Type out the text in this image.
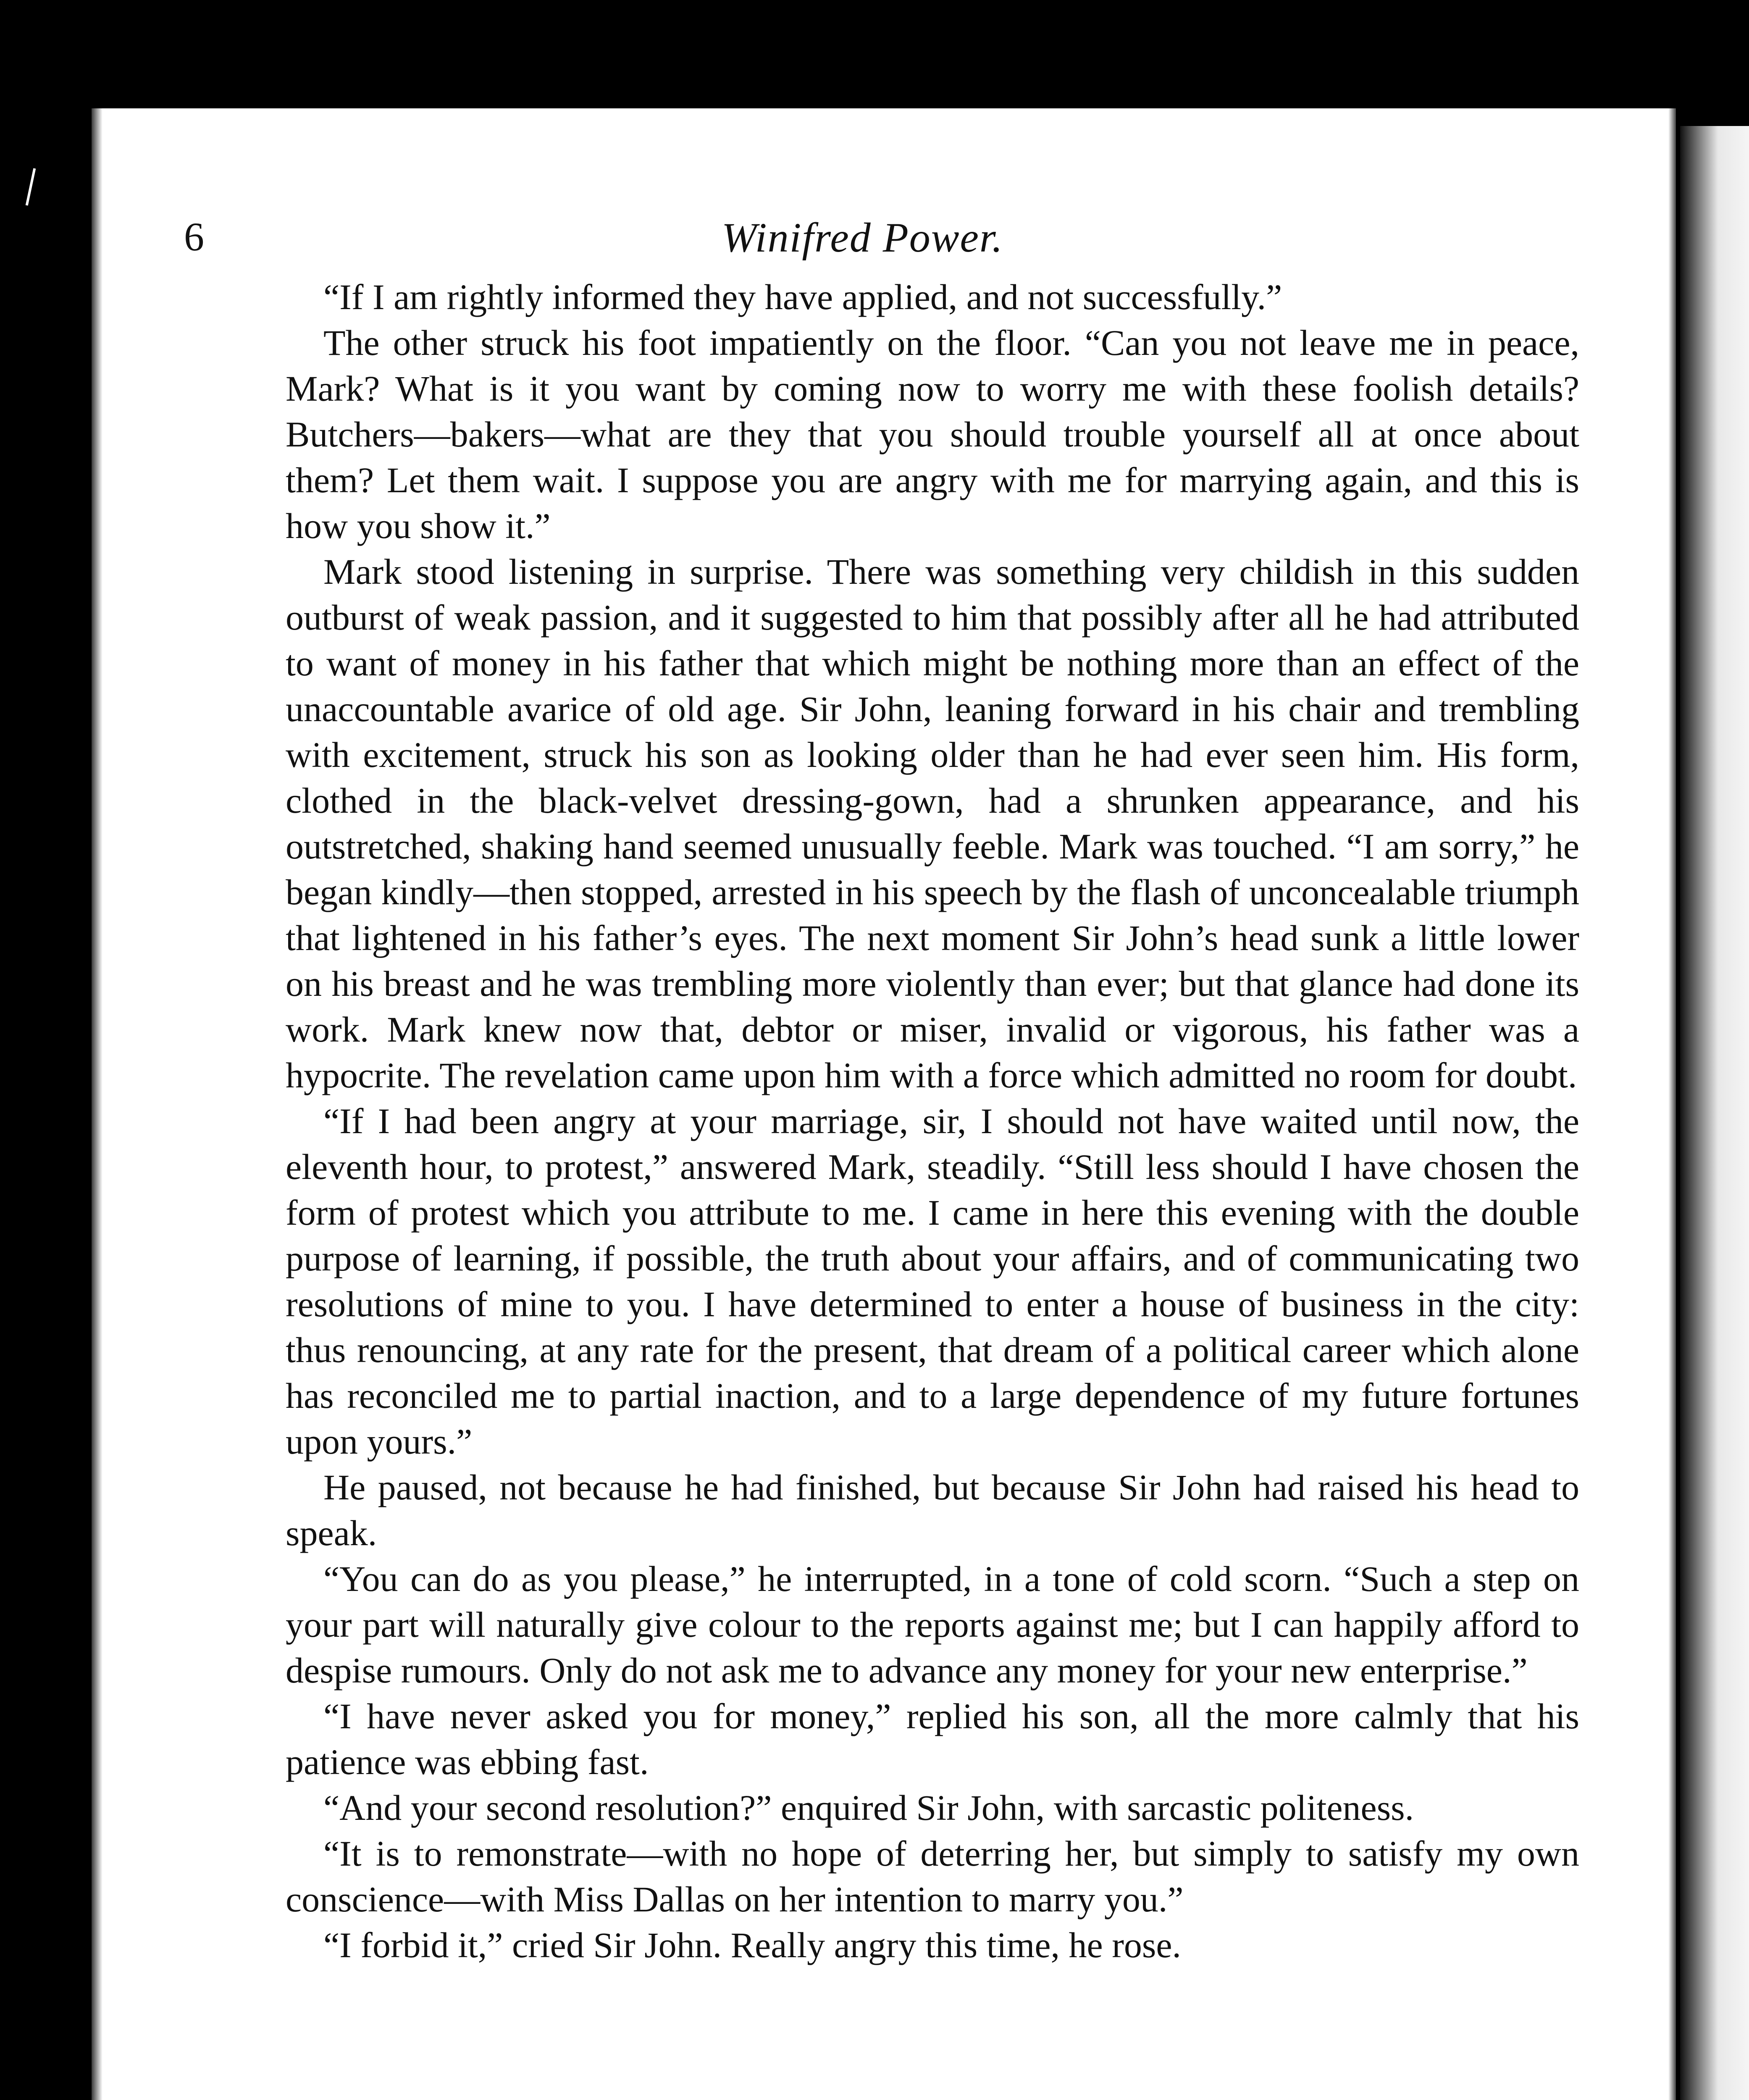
6	Winifred Power.

“If I am rightly informed they have applied, and not successfully.”

The other struck his foot impatiently on the floor. “Can you not leave me in peace, Mark? What is it you want by coming now to worry me with these foolish details? Butchers—bakers—what are they that you should trouble yourself all at once about them? Let them wait. I suppose you are angry with me for marrying again, and this is how you show it.”

Mark stood listening in surprise. There was something very childish in this sudden outburst of weak passion, and it suggested to him that possibly after all he had attributed to want of money in his father that which might be nothing more than an effect of the unaccountable avarice of old age. Sir John, leaning forward in his chair and trembling with excitement, struck his son as looking older than he had ever seen him. His form, clothed in the black-velvet dressing-gown, had a shrunken appearance, and his outstretched, shaking hand seemed unusually feeble. Mark was touched. “I am sorry,” he began kindly—then stopped, arrested in his speech by the flash of unconcealable triumph that lightened in his father’s eyes. The next moment Sir John’s head sunk a little lower on his breast and he was trembling more violently than ever; but that glance had done its work. Mark knew now that, debtor or miser, invalid or vigorous, his father was a hypocrite. The revelation came upon him with a force which admitted no room for doubt.

“If I had been angry at your marriage, sir, I should not have waited until now, the eleventh hour, to protest,” answered Mark, steadily. “Still less should I have chosen the form of protest which you attribute to me. I came in here this evening with the double purpose of learning, if possible, the truth about your affairs, and of communicating two resolutions of mine to you. I have determined to enter a house of business in the city: thus renouncing, at any rate for the present, that dream of a political career which alone has reconciled me to partial inaction, and to a large dependence of my future fortunes upon yours.”

He paused, not because he had finished, but because Sir John had raised his head to speak.

“You can do as you please,” he interrupted, in a tone of cold scorn. “Such a step on your part will naturally give colour to the reports against me; but I can happily afford to despise rumours. Only do not ask me to advance any money for your new enterprise.”

“I have never asked you for money,” replied his son, all the more calmly that his patience was ebbing fast.

“And your second resolution?” enquired Sir John, with sarcastic politeness.

“It is to remonstrate—with no hope of deterring her, but simply to satisfy my own conscience—with Miss Dallas on her intention to marry you.”

“I forbid it,” cried Sir John. Really angry this time, he rose.
